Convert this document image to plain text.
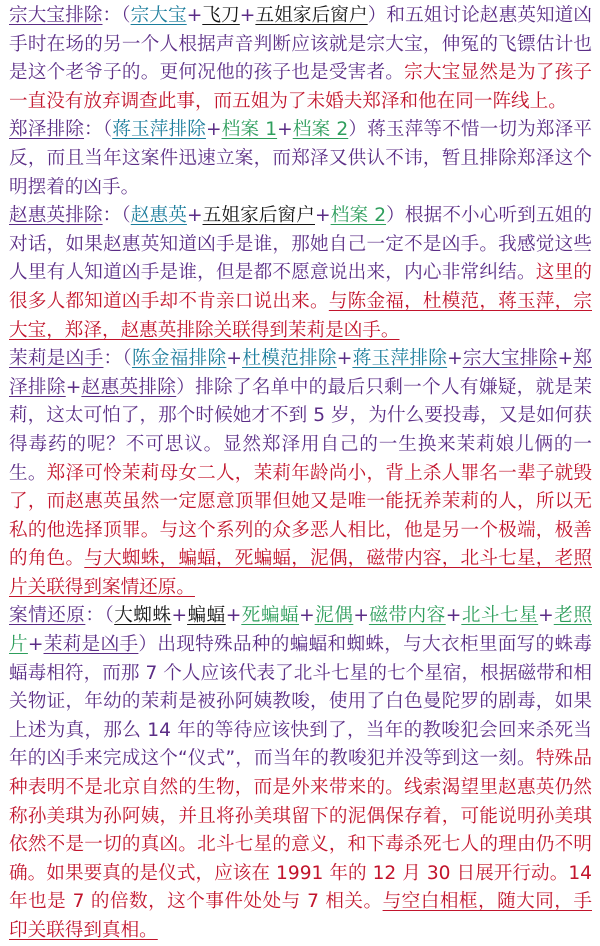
宗大宝排除：（宗大宝+飞刀+五姐家后窗户）和五姐讨论赵惠英知道凶手时在场的另一个人根据声音判断应该就是宗大宝，伸冤的飞镖估计也是这个老爷子的。更何况他的孩子也是受害者。宗大宝显然是为了孩子一直没有放弃调查此事，而五姐为了未婚夫郑泽和他在同一阵线上。

郑泽排除：（蒋玉萍排除+档案 1+档案 2）蒋玉萍等不惜一切为郑泽平反，而且当年这案件迅速立案，而郑泽又供认不讳，暂且排除郑泽这个明摆着的凶手。

赵惠英排除：（赵惠英+五姐家后窗户+档案 2）根据不小心听到五姐的对话，如果赵惠英知道凶手是谁，那她自己一定不是凶手。我感觉这些人里有人知道凶手是谁，但是都不愿意说出来，内心非常纠结。这里的很多人都知道凶手却不肯亲口说出来。与陈金福，杜模范，蒋玉萍，宗大宝，郑泽，赵惠英排除关联得到茉莉是凶手。

茉莉是凶手：（陈金福排除+杜模范排除+蒋玉萍排除+宗大宝排除+郑泽排除+赵惠英排除）排除了名单中的最后只剩一个人有嫌疑，就是茉莉，这太可怕了，那个时候她才不到 5 岁，为什么要投毒，又是如何获得毒药的呢？不可思议。显然郑泽用自己的一生换来茉莉娘儿俩的一生。郑泽可怜茉莉母女二人，茉莉年龄尚小，背上杀人罪名一辈子就毁了，而赵惠英虽然一定愿意顶罪但她又是唯一能抚养茉莉的人，所以无私的他选择顶罪。与这个系列的众多恶人相比，他是另一个极端，极善的角色。与大蜘蛛，蝙蝠，死蝙蝠，泥偶，磁带内容，北斗七星，老照片关联得到案情还原。

案情还原：（大蜘蛛+蝙蝠+死蝙蝠+泥偶+磁带内容+北斗七星+老照片+茉莉是凶手）出现特殊品种的蝙蝠和蜘蛛，与大衣柜里面写的蛛毒蝠毒相符，而那 7 个人应该代表了北斗七星的七个星宿，根据磁带和相关物证，年幼的茉莉是被孙阿姨教唆，使用了白色曼陀罗的剧毒，如果上述为真，那么 14 年的等待应该快到了，当年的教唆犯会回来杀死当年的凶手来完成这个“仪式”，而当年的教唆犯并没等到这一刻。特殊品种表明不是北京自然的生物，而是外来带来的。线索渴望里赵惠英仍然称孙美琪为孙阿姨，并且将孙美琪留下的泥偶保存着，可能说明孙美琪依然不是一切的真凶。北斗七星的意义，和下毒杀死七人的理由仍不明确。如果要真的是仪式，应该在 1991 年的 12 月 30 日展开行动。14 年也是 7 的倍数，这个事件处处与 7 相关。与空白相框，随大同，手印关联得到真相。
